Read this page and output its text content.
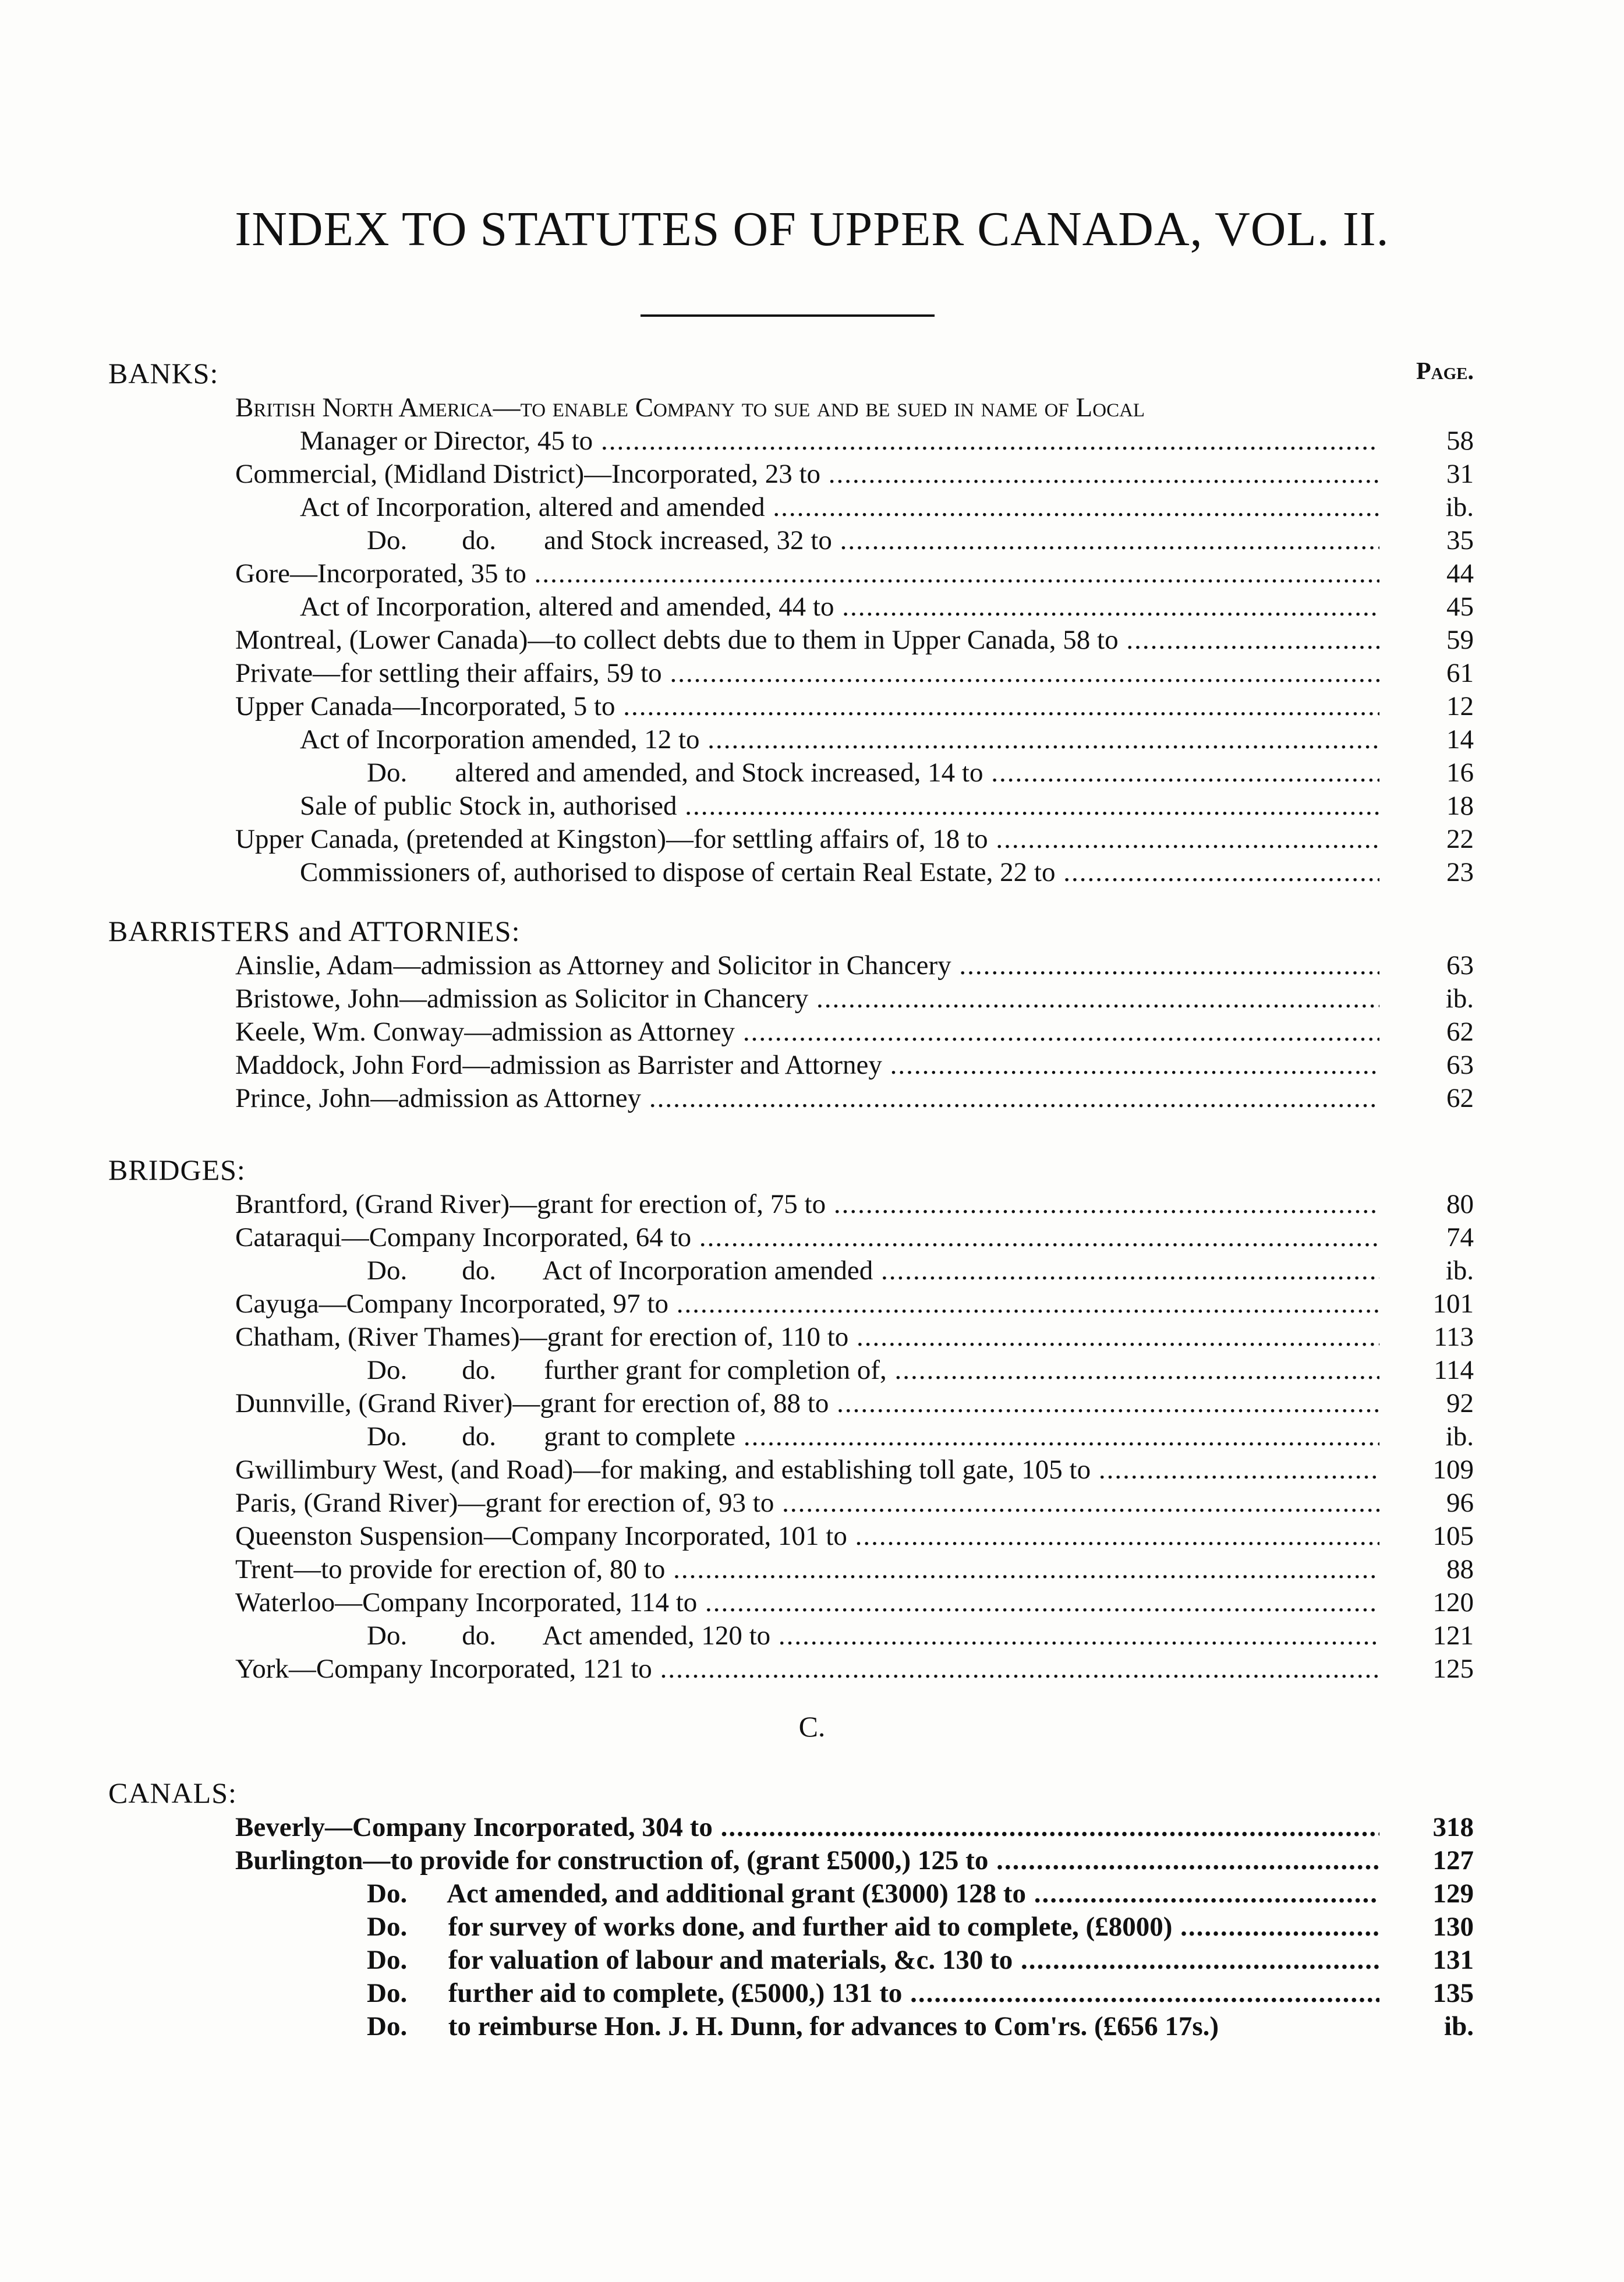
INDEX TO STATUTES OF UPPER CANADA, VOL. II.
BANKS:	Page.
British North America—to enable Company to sue and be sued in name of Local
Manager or Director, 45 to .....	58
Commercial, (Midland District)—Incorporated, 23 to .....	31
Act of Incorporation, altered and amended .....	ib.
Do.        do.       and Stock increased, 32 to .....	35
Gore—Incorporated, 35 to .....	44
Act of Incorporation, altered and amended, 44 to .....	45
Montreal, (Lower Canada)—to collect debts due to them in Upper Canada, 58 to .....	59
Private—for settling their affairs, 59 to .....	61
Upper Canada—Incorporated, 5 to .....	12
Act of Incorporation amended, 12 to .....	14
Do.       altered and amended, and Stock increased, 14 to .....	16
Sale of public Stock in, authorised .....	18
Upper Canada, (pretended at Kingston)—for settling affairs of, 18 to .....	22
Commissioners of, authorised to dispose of certain Real Estate, 22 to .....	23
BARRISTERS and ATTORNIES:
Ainslie, Adam—admission as Attorney and Solicitor in Chancery .....	63
Bristowe, John—admission as Solicitor in Chancery .....	ib.
Keele, Wm. Conway—admission as Attorney .....	62
Maddock, John Ford—admission as Barrister and Attorney .....	63
Prince, John—admission as Attorney .....	62
BRIDGES:
Brantford, (Grand River)—grant for erection of, 75 to .....	80
Cataraqui—Company Incorporated, 64 to .....	74
Do.        do.       Act of Incorporation amended .....	ib.
Cayuga—Company Incorporated, 97 to .....	101
Chatham, (River Thames)—grant for erection of, 110 to .....	113
Do.        do.       further grant for completion of, .....	114
Dunnville, (Grand River)—grant for erection of, 88 to .....	92
Do.        do.       grant to complete .....	ib.
Gwillimbury West, (and Road)—for making, and establishing toll gate, 105 to .....	109
Paris, (Grand River)—grant for erection of, 93 to .....	96
Queenston Suspension—Company Incorporated, 101 to .....	105
Trent—to provide for erection of, 80 to .....	88
Waterloo—Company Incorporated, 114 to .....	120
Do.        do.       Act amended, 120 to .....	121
York—Company Incorporated, 121 to .....	125
C.
CANALS:
Beverly—Company Incorporated, 304 to .....	318
Burlington—to provide for construction of, (grant £5000,) 125 to .....	127
Do.      Act amended, and additional grant (£3000) 128 to .....	129
Do.      for survey of works done, and further aid to complete, (£8000) .....	130
Do.      for valuation of labour and materials, &c. 130 to .....	131
Do.      further aid to complete, (£5000,) 131 to .....	135
Do.      to reimburse Hon. J. H. Dunn, for advances to Com'rs. (£656 17s.)	ib.
